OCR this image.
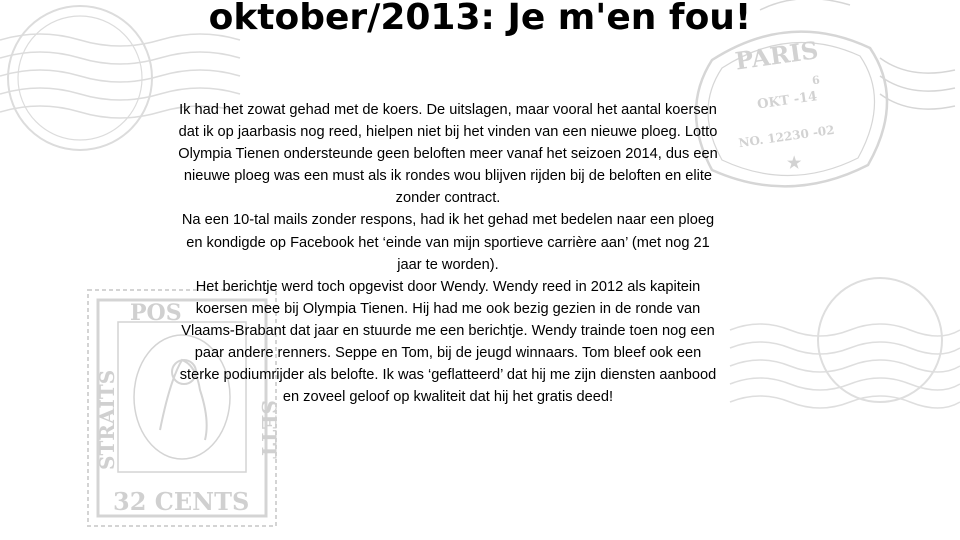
PARIS
6
OKT -14
NO. 12230 -02
★
POS
STRAITS	SETT
32 CENTS
oktober/2013: Je m'en fou!

Ik had het zowat gehad met de koers. De uitslagen, maar vooral het aantal koersen dat ik op jaarbasis nog reed, hielpen niet bij het vinden van een nieuwe ploeg. Lotto Olympia Tienen ondersteunde geen beloften meer vanaf het seizoen 2014, dus een nieuwe ploeg was een must als ik rondes wou blijven rijden bij de beloften en elite zonder contract.

Na een 10-tal mails zonder respons, had ik het gehad met bedelen naar een ploeg en kondigde op Facebook het ‘einde van mijn sportieve carrière aan’ (met nog 21 jaar te worden).

Het berichtje werd toch opgevist door Wendy. Wendy reed in 2012 als kapitein koersen mee bij Olympia Tienen. Hij had me ook bezig gezien in de ronde van Vlaams-Brabant dat jaar en stuurde me een berichtje. Wendy trainde toen nog een paar andere renners. Seppe en Tom, bij de jeugd winnaars. Tom bleef ook een sterke podiumrijder als belofte. Ik was ‘geflatteerd’ dat hij me zijn diensten aanbood en zoveel geloof op kwaliteit dat hij het gratis deed!
